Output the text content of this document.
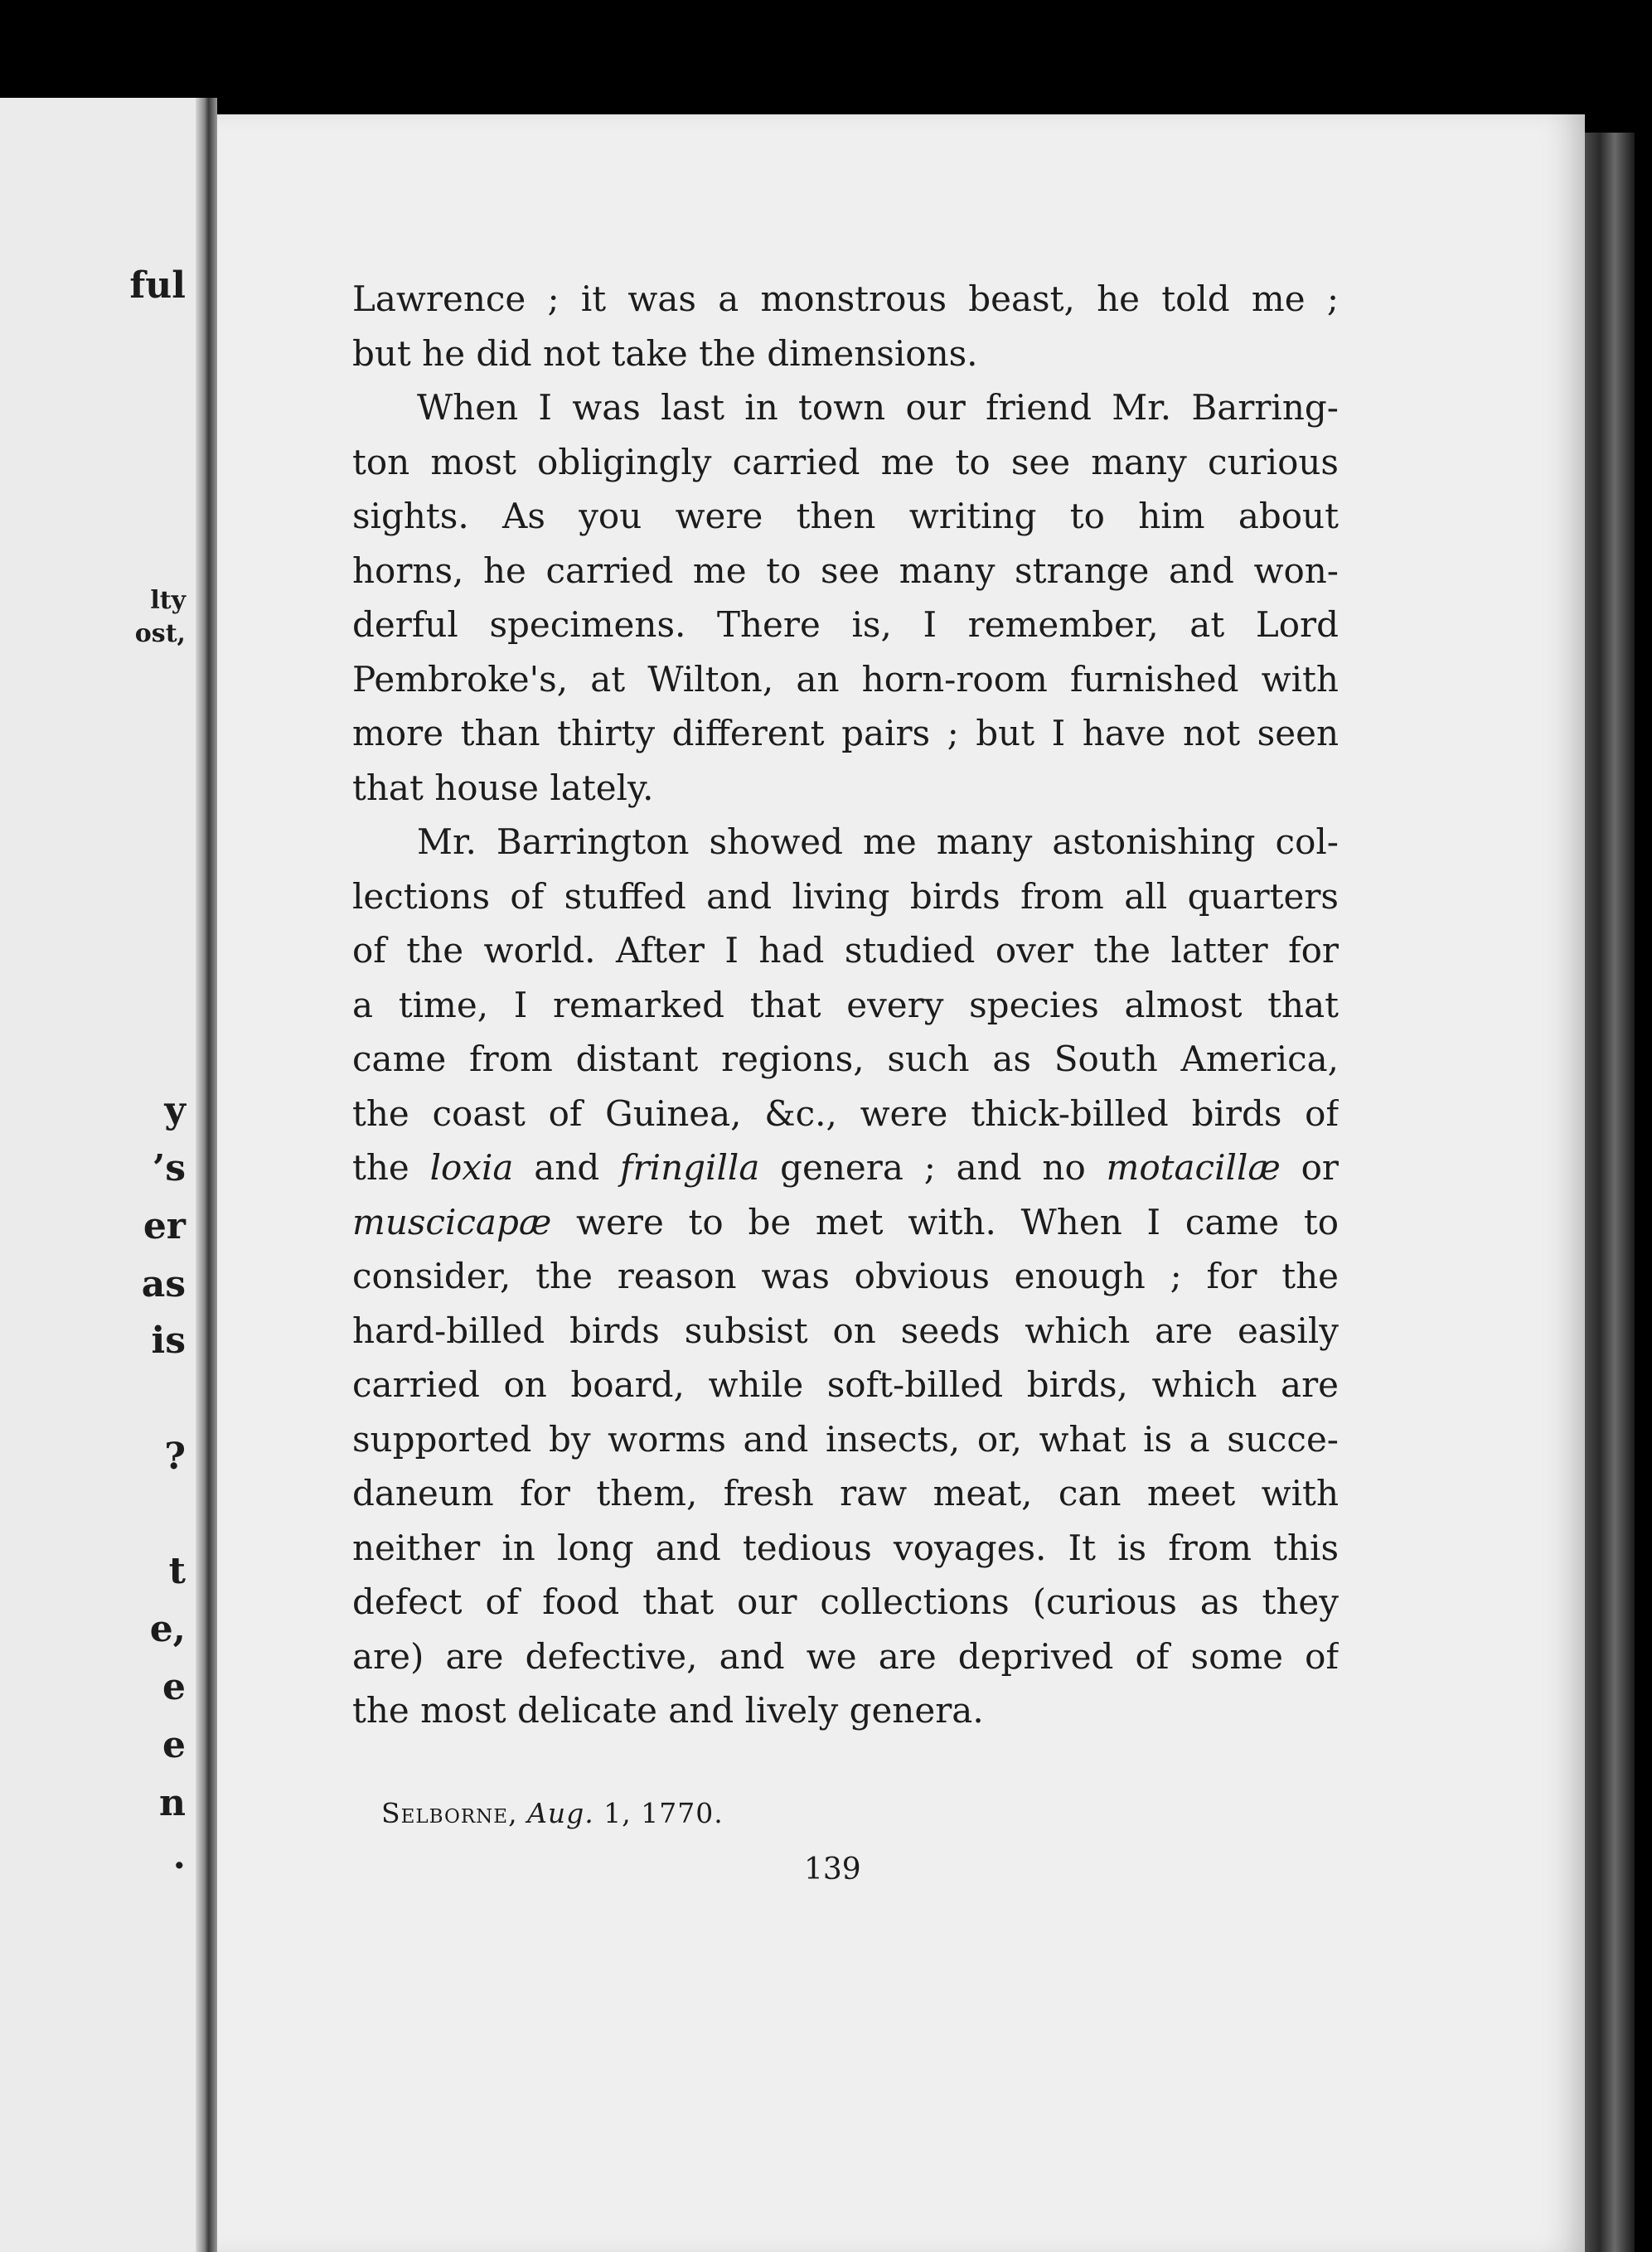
ful
lty
ost,
y
’s
er
as
is
?
t
e,
e
e
n
.
Lawrence ; it was a monstrous beast, he told me ;
but he did not take the dimensions.
When I was last in town our friend Mr. Barring-
ton most obligingly carried me to see many curious
sights. As you were then writing to him about
horns, he carried me to see many strange and won-
derful specimens. There is, I remember, at Lord
Pembroke's, at Wilton, an horn-room furnished with
more than thirty different pairs ; but I have not seen
that house lately.
Mr. Barrington showed me many astonishing col-
lections of stuffed and living birds from all quarters
of the world. After I had studied over the latter for
a time, I remarked that every species almost that
came from distant regions, such as South America,
the coast of Guinea, &c., were thick-billed birds of
the loxia and fringilla genera ; and no motacillæ or
muscicapæ were to be met with. When I came to
consider, the reason was obvious enough ; for the
hard-billed birds subsist on seeds which are easily
carried on board, while soft-billed birds, which are
supported by worms and insects, or, what is a succe-
daneum for them, fresh raw meat, can meet with
neither in long and tedious voyages. It is from this
defect of food that our collections (curious as they
are) are defective, and we are deprived of some of
the most delicate and lively genera.
Selborne, Aug. 1, 1770.
139
